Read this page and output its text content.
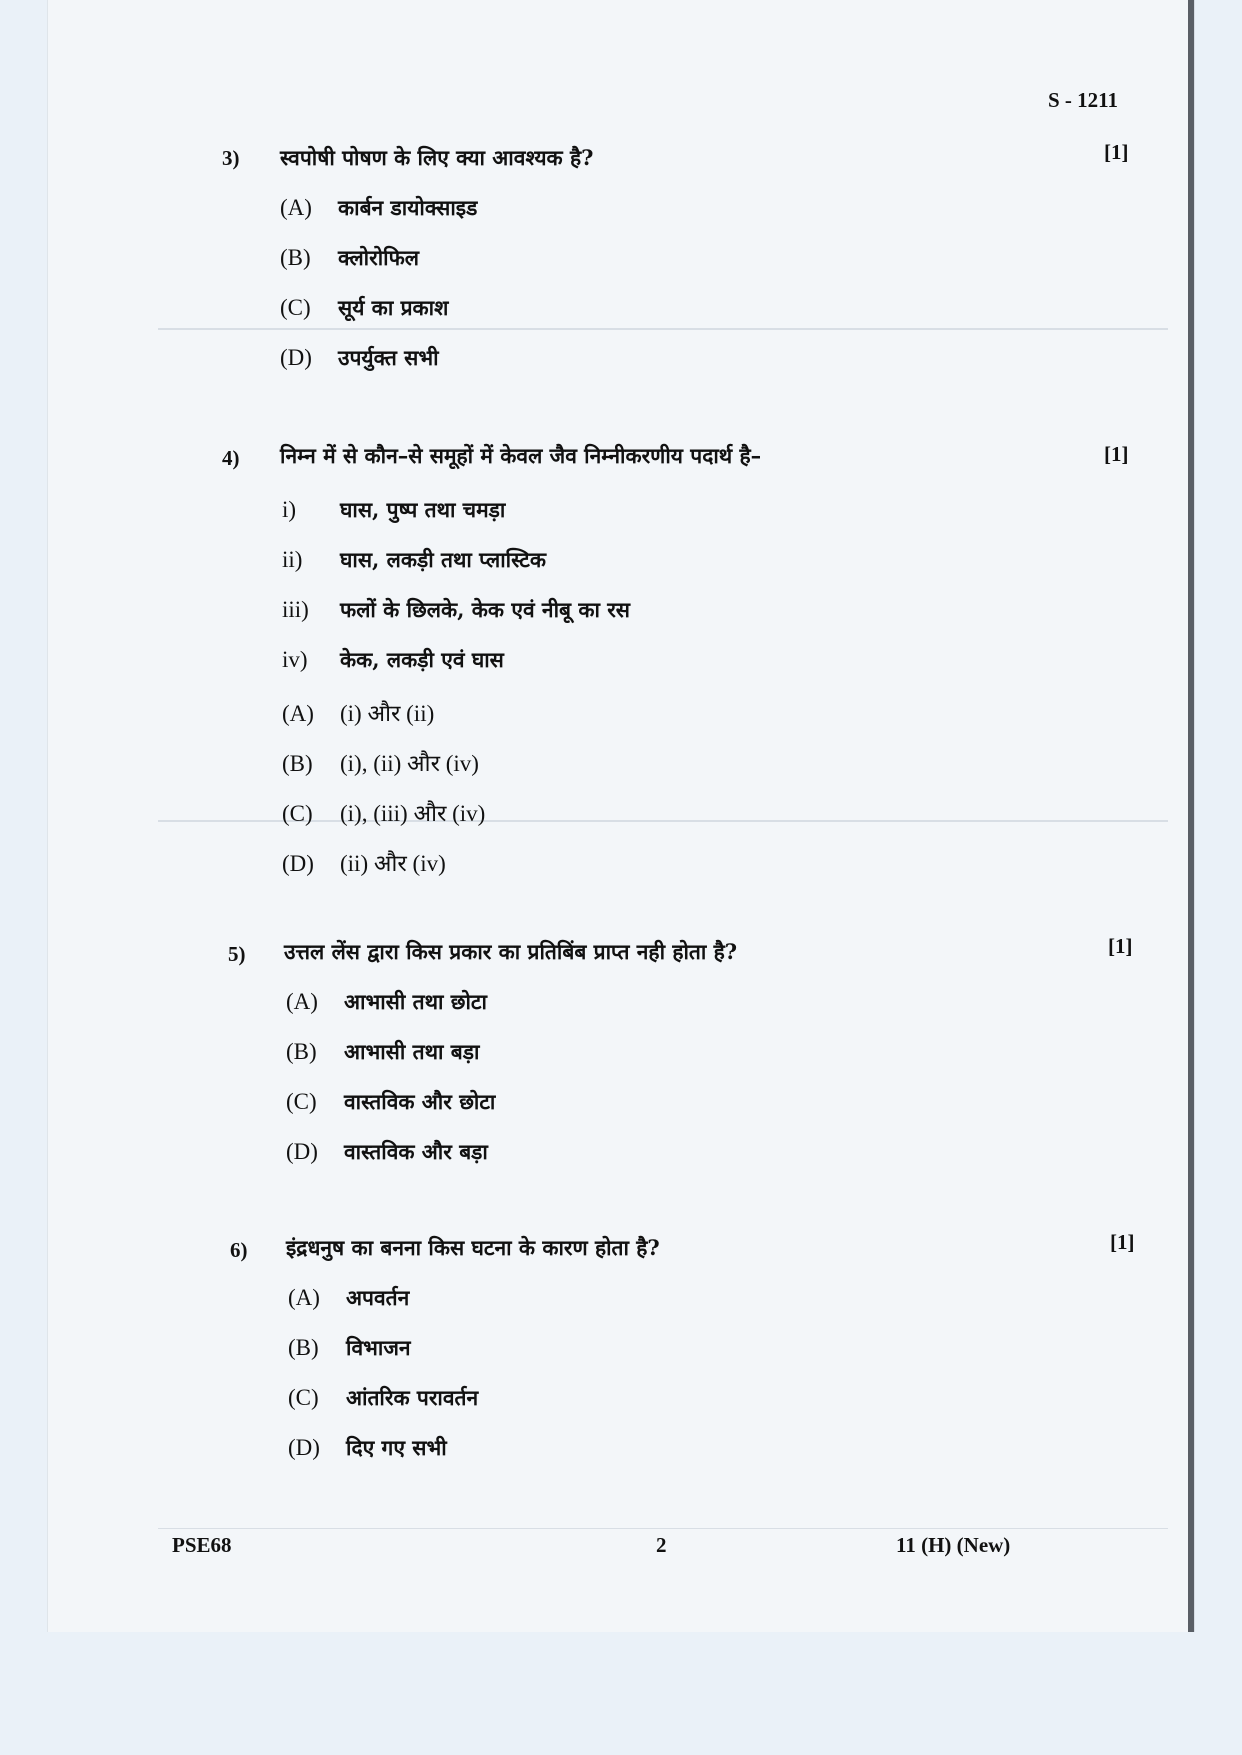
S - 1211
3) स्वपोषी पोषण के लिए क्या आवश्यक है?	[1]
(A) कार्बन डायोक्साइड
(B) क्लोरोफिल
(C) सूर्य का प्रकाश
(D) उपर्युक्त सभी
4) निम्न में से कौन–से समूहों में केवल जैव निम्नीकरणीय पदार्थ है–	[1]
i) घास, पुष्प तथा चमड़ा
ii) घास, लकड़ी तथा प्लास्टिक
iii) फलों के छिलके, केक एवं नीबू का रस
iv) केक, लकड़ी एवं घास
(A) (i) और (ii)
(B) (i), (ii) और (iv)
(C) (i), (iii) और (iv)
(D) (ii) और (iv)
5) उत्तल लेंस द्वारा किस प्रकार का प्रतिबिंब प्राप्त नही होता है?	[1]
(A) आभासी तथा छोटा
(B) आभासी तथा बड़ा
(C) वास्तविक और छोटा
(D) वास्तविक और बड़ा
6) इंद्रधनुष का बनना किस घटना के कारण होता है?	[1]
(A) अपवर्तन
(B) विभाजन
(C) आंतरिक परावर्तन
(D) दिए गए सभी
PSE68	2	11 (H) (New)
